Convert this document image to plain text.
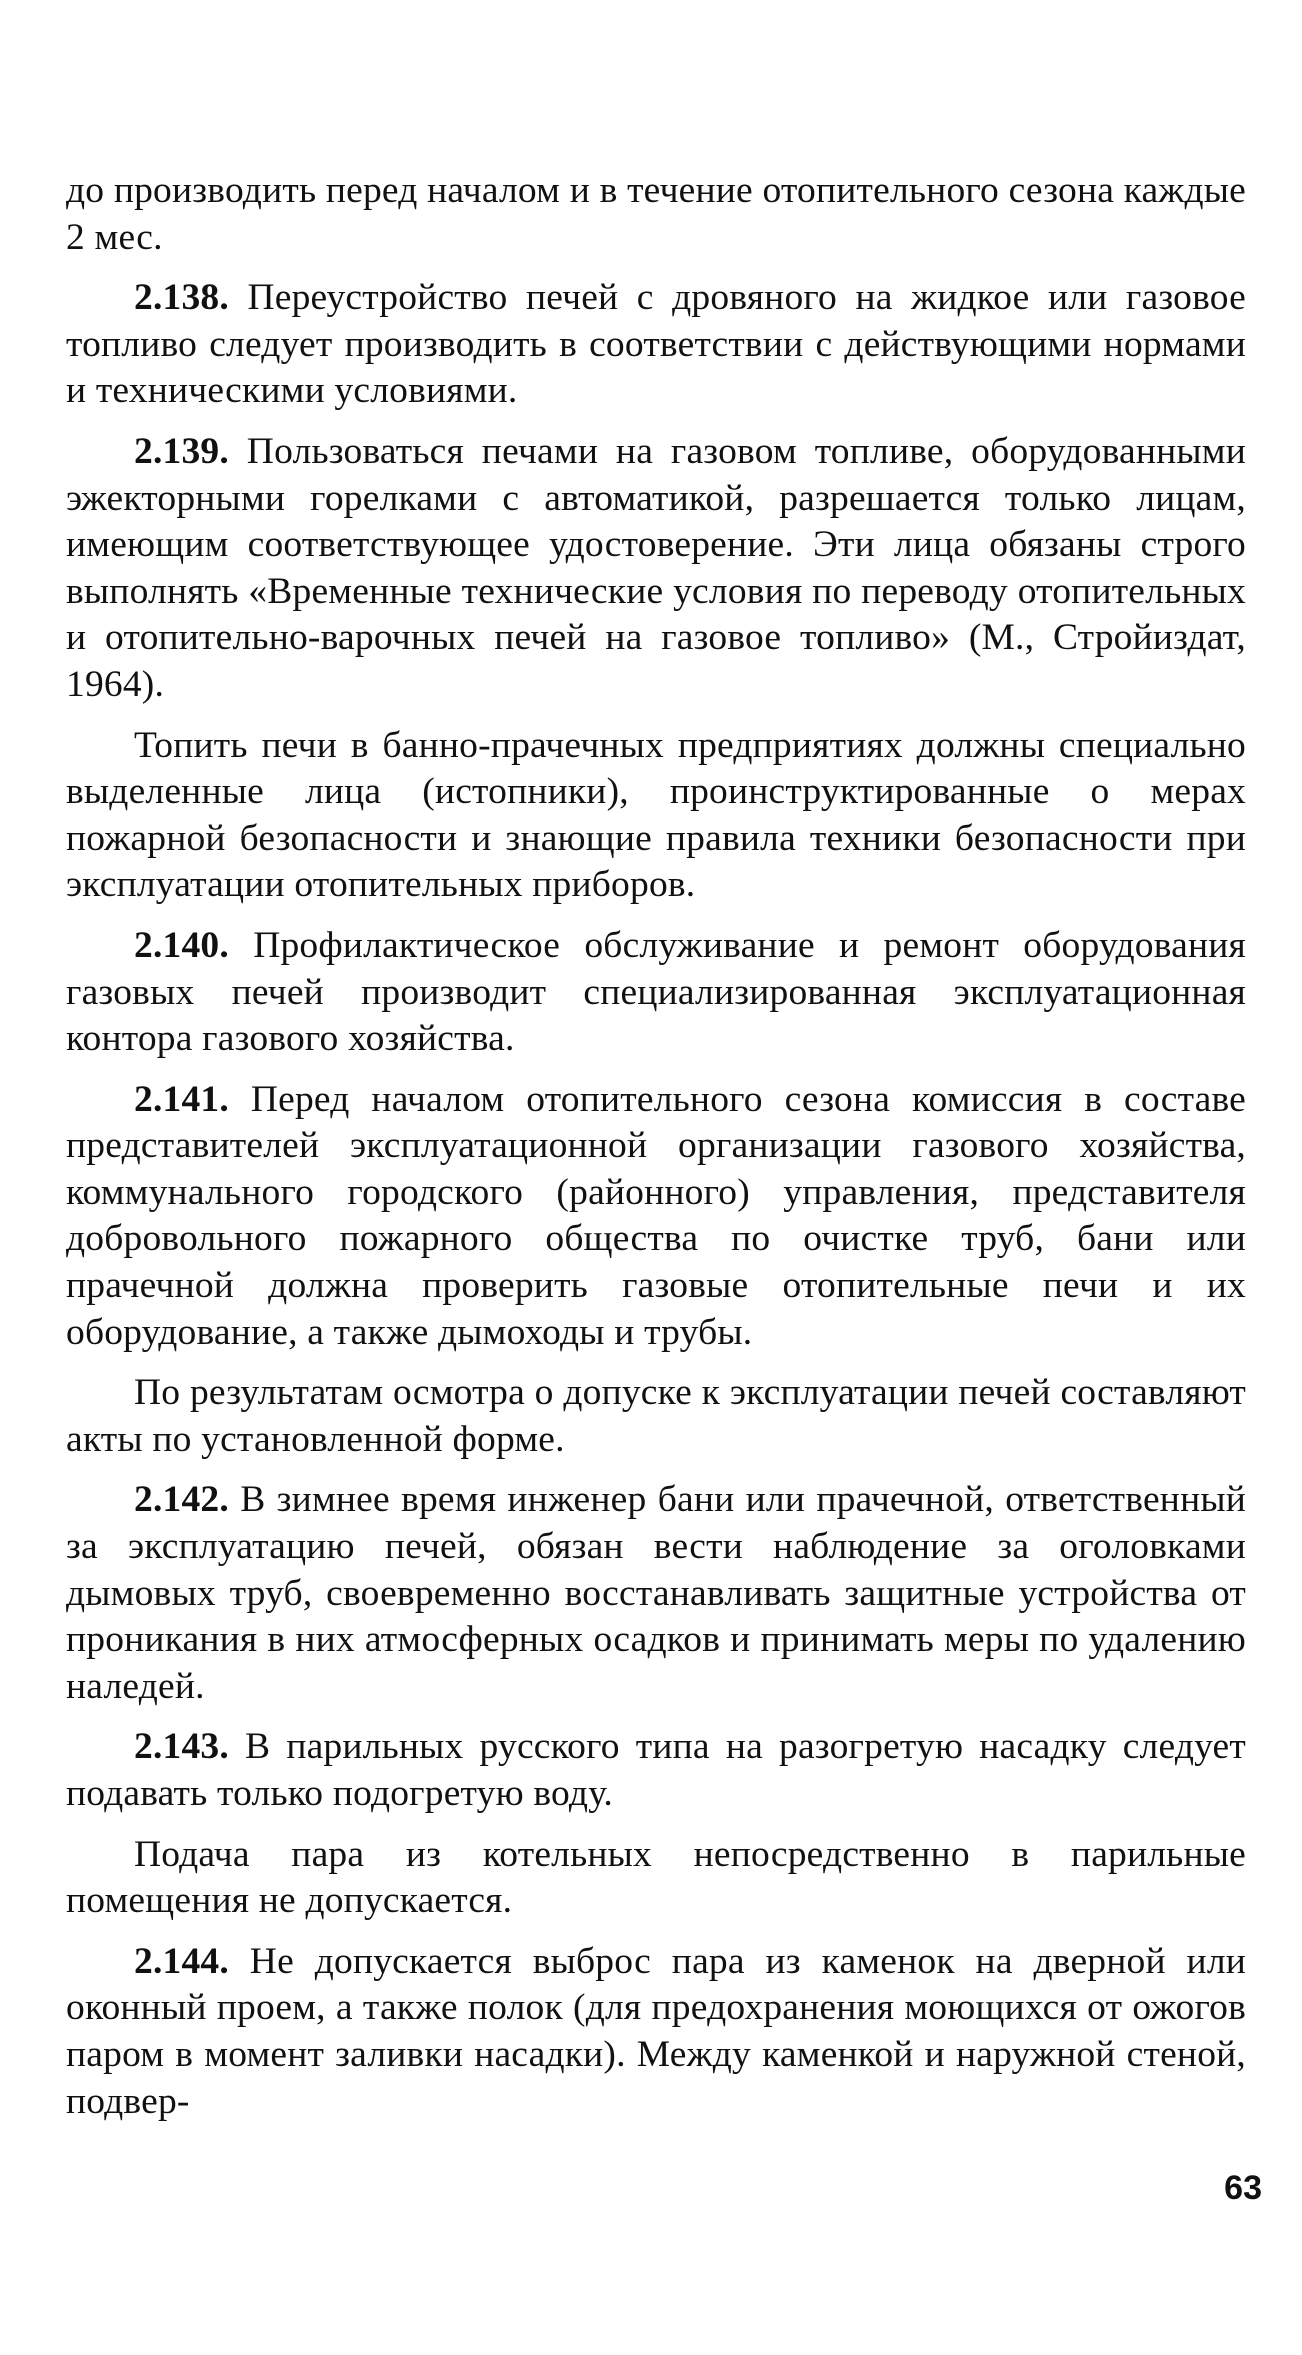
до производить перед началом и в течение отопительного сезона каждые 2 мес.

2.138. Переустройство печей с дровяного на жидкое или газовое топливо следует производить в соответствии с действующими нормами и техническими условиями.

2.139. Пользоваться печами на газовом топливе, оборудованными эжекторными горелками с автоматикой, разрешается только лицам, имеющим соответствующее удостоверение. Эти лица обязаны строго выполнять «Временные технические условия по переводу отопительных и отопительно-варочных печей на газовое топливо» (М., Стройиздат, 1964).

Топить печи в банно-прачечных предприятиях должны специально выделенные лица (истопники), проинструктированные о мерах пожарной безопасности и знающие правила техники безопасности при эксплуатации отопительных приборов.

2.140. Профилактическое обслуживание и ремонт оборудования газовых печей производит специализированная эксплуатационная контора газового хозяйства.

2.141. Перед началом отопительного сезона комиссия в составе представителей эксплуатационной организации газового хозяйства, коммунального городского (районного) управления, представителя добровольного пожарного общества по очистке труб, бани или прачечной должна проверить газовые отопительные печи и их оборудование, а также дымоходы и трубы.

По результатам осмотра о допуске к эксплуатации печей составляют акты по установленной форме.

2.142. В зимнее время инженер бани или прачечной, ответственный за эксплуатацию печей, обязан вести наблюдение за оголовками дымовых труб, своевременно восстанавливать защитные устройства от проникания в них атмосферных осадков и принимать меры по удалению наледей.

2.143. В парильных русского типа на разогретую насадку следует подавать только подогретую воду.

Подача пара из котельных непосредственно в парильные помещения не допускается.

2.144. Не допускается выброс пара из каменок на дверной или оконный проем, а также полок (для предохранения моющихся от ожогов паром в момент заливки насадки). Между каменкой и наружной стеной, подвер-

63
